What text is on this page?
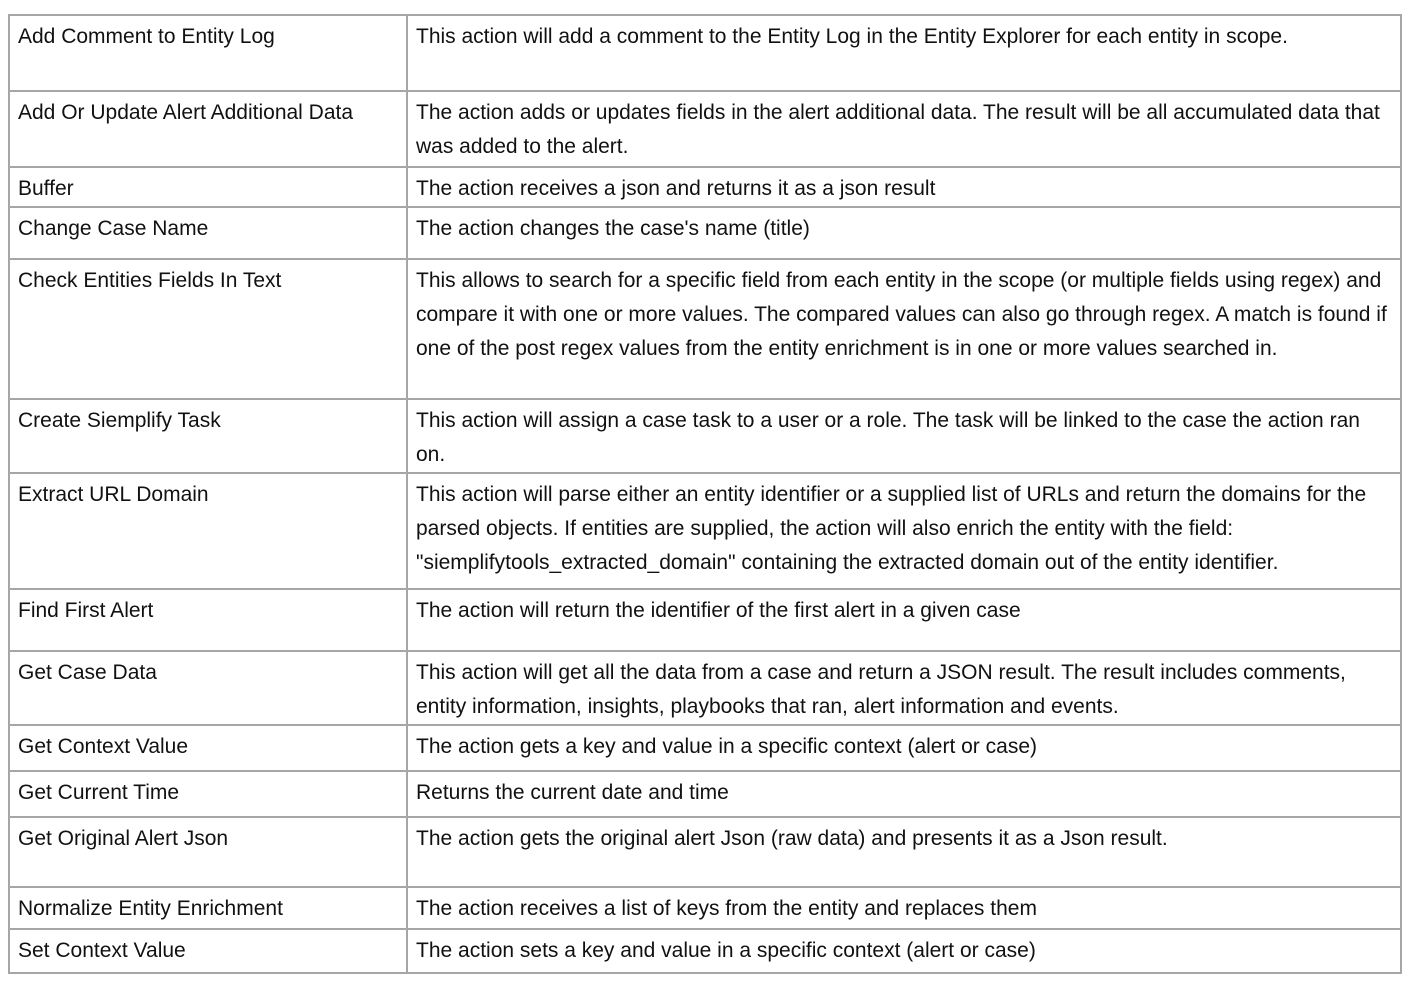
Add Comment to Entity Log	This action will add a comment to the Entity Log in the Entity Explorer for each entity in scope.
Add Or Update Alert Additional Data	The action adds or updates fields in the alert additional data. The result will be all accumulated data that was added to the alert.
Buffer	The action receives a json and returns it as a json result
Change Case Name	The action changes the case's name (title)
Check Entities Fields In Text	This allows to search for a specific field from each entity in the scope (or multiple fields using regex) and compare it with one or more values. The compared values can also go through regex. A match is found if one of the post regex values from the entity enrichment is in one or more values searched in.
Create Siemplify Task	This action will assign a case task to a user or a role. The task will be linked to the case the action ran on.
Extract URL Domain	This action will parse either an entity identifier or a supplied list of URLs and return the domains for the parsed objects. If entities are supplied, the action will also enrich the entity with the field: "siemplifytools_extracted_domain" containing the extracted domain out of the entity identifier.
Find First Alert	The action will return the identifier of the first alert in a given case
Get Case Data	This action will get all the data from a case and return a JSON result. The result includes comments, entity information, insights, playbooks that ran, alert information and events.
Get Context Value	The action gets a key and value in a specific context (alert or case)
Get Current Time	Returns the current date and time
Get Original Alert Json	The action gets the original alert Json (raw data) and presents it as a Json result.
Normalize Entity Enrichment	The action receives a list of keys from the entity and replaces them
Set Context Value	The action sets a key and value in a specific context (alert or case)
